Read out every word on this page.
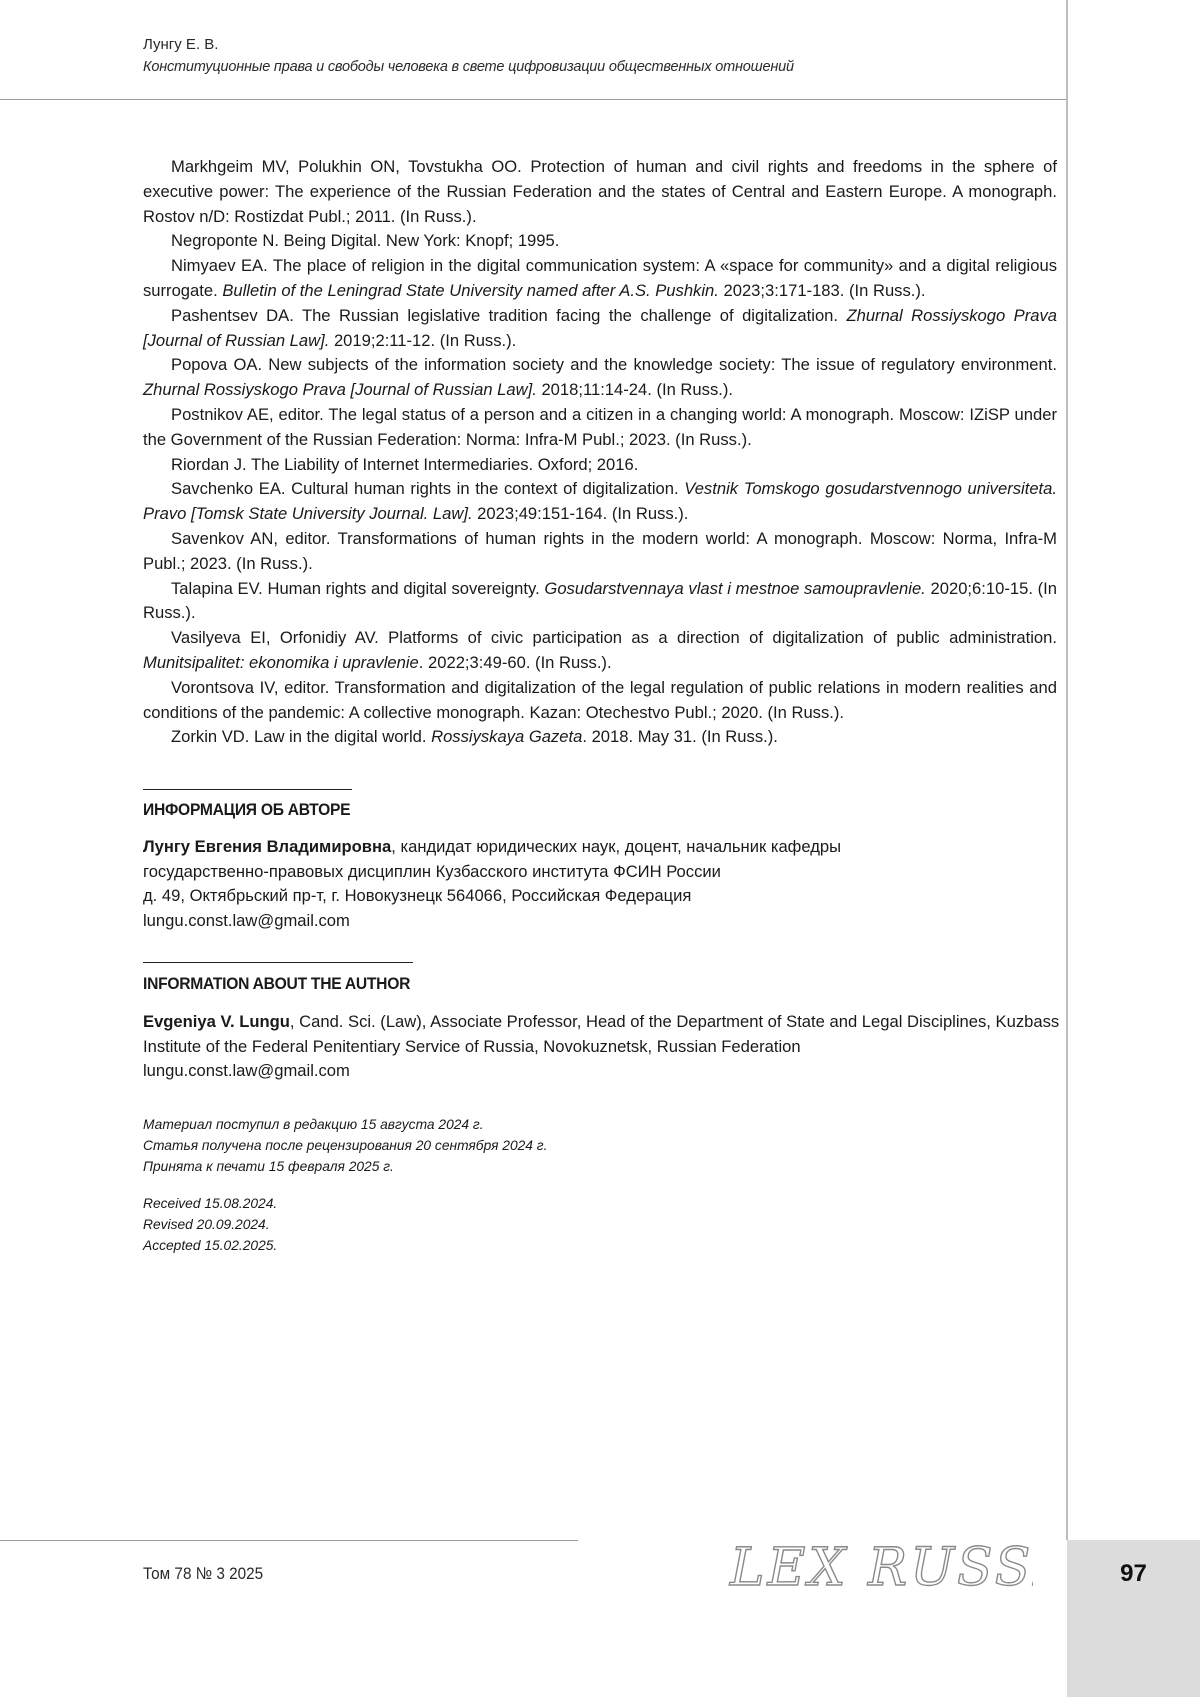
Лунгу Е. В.
Конституционные права и свободы человека в свете цифровизации общественных отношений

Markhgeim MV, Polukhin ON, Tovstukha OO. Protection of human and civil rights and freedoms in the sphere of executive power: The experience of the Russian Federation and the states of Central and Eastern Europe. A monograph. Rostov n/D: Rostizdat Publ.; 2011. (In Russ.).

Negroponte N. Being Digital. New York: Knopf; 1995.

Nimyaev EA. The place of religion in the digital communication system: A «space for community» and a digital religious surrogate. Bulletin of the Leningrad State University named after A.S. Pushkin. 2023;3:171-183. (In Russ.).

Pashentsev DA. The Russian legislative tradition facing the challenge of digitalization. Zhurnal Rossiyskogo Prava [Journal of Russian Law]. 2019;2:11-12. (In Russ.).

Popova OA. New subjects of the information society and the knowledge society: The issue of regulatory environment. Zhurnal Rossiyskogo Prava [Journal of Russian Law]. 2018;11:14-24. (In Russ.).

Postnikov AE, editor. The legal status of a person and a citizen in a changing world: A monograph. Moscow: IZiSP under the Government of the Russian Federation: Norma: Infra-M Publ.; 2023. (In Russ.).

Riordan J. The Liability of Internet Intermediaries. Oxford; 2016.

Savchenko EA. Cultural human rights in the context of digitalization. Vestnik Tomskogo gosudarstvennogo universiteta. Pravo [Tomsk State University Journal. Law]. 2023;49:151-164. (In Russ.).

Savenkov AN, editor. Transformations of human rights in the modern world: A monograph. Moscow: Norma, Infra-M Publ.; 2023. (In Russ.).

Talapina EV. Human rights and digital sovereignty. Gosudarstvennaya vlast i mestnoe samoupravlenie. 2020;6:10-15. (In Russ.).

Vasilyeva EI, Orfonidiy AV. Platforms of civic participation as a direction of digitalization of public administration. Munitsipalitet: ekonomika i upravlenie. 2022;3:49-60. (In Russ.).

Vorontsova IV, editor. Transformation and digitalization of the legal regulation of public relations in modern realities and conditions of the pandemic: A collective monograph. Kazan: Otechestvo Publ.; 2020. (In Russ.).

Zorkin VD. Law in the digital world. Rossiyskaya Gazeta. 2018. May 31. (In Russ.).

ИНФОРМАЦИЯ ОБ АВТОРЕ

Лунгу Евгения Владимировна, кандидат юридических наук, доцент, начальник кафедры государственно-правовых дисциплин Кузбасского института ФСИН России

д. 49, Октябрьский пр-т, г. Новокузнецк 564066, Российская Федерация

lungu.const.law@gmail.com

INFORMATION ABOUT THE AUTHOR

Evgeniya V. Lungu, Cand. Sci. (Law), Associate Professor, Head of the Department of State and Legal Disciplines, Kuzbass Institute of the Federal Penitentiary Service of Russia, Novokuznetsk, Russian Federation

lungu.const.law@gmail.com

Материал поступил в редакцию 15 августа 2024 г.

Статья получена после рецензирования 20 сентября 2024 г.

Принята к печати 15 февраля 2025 г.

Received 15.08.2024.

Revised 20.09.2024.

Accepted 15.02.2025.

Том 78 № 3 2025	LEX RUSS	97
